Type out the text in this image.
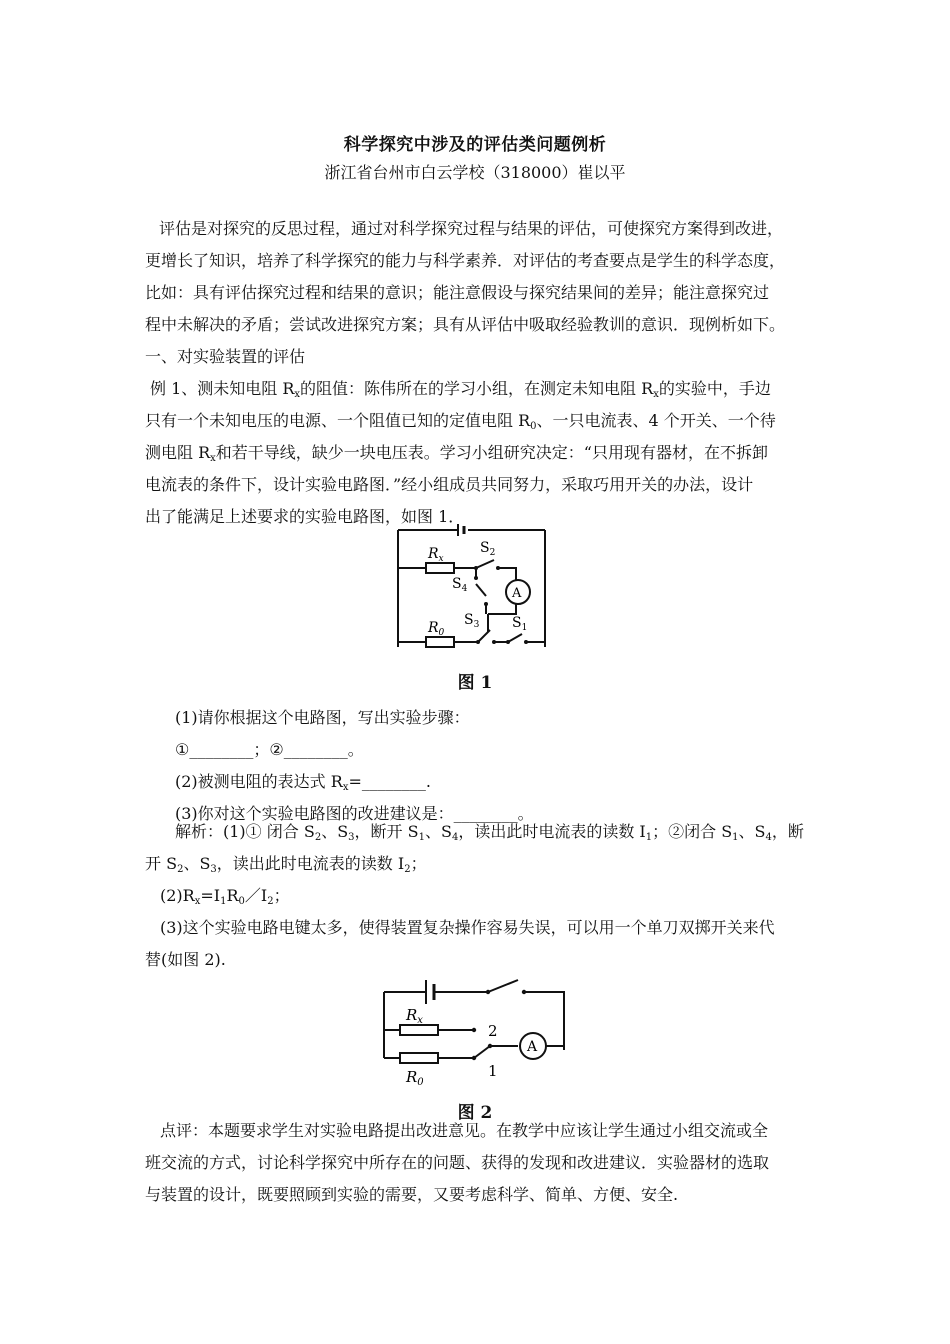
科学探究中涉及的评估类问题例析
浙江省台州市白云学校（318000）崔以平
评估是对探究的反思过程，通过对科学探究过程与结果的评估，可使探究方案得到改进，
更增长了知识，培养了科学探究的能力与科学素养．对评估的考查要点是学生的科学态度，
比如：具有评估探究过程和结果的意识；能注意假设与探究结果间的差异；能注意探究过
程中未解决的矛盾；尝试改进探究方案；具有从评估中吸取经验教训的意识．现例析如下。
一、对实验装置的评估
例 1、测未知电阻 $R_x$的阻值：陈伟所在的学习小组，在测定未知电阻 $R_x$的实验中，手边
只有一个未知电压的电源、一个阻值已知的定值电阻 $R_0$、一只电流表、4 个开关、一个待
测电阻 $R_x$和若干导线，缺少一块电压表。学习小组研究决定：“只用现有器材，在不拆卸
电流表的条件下，设计实验电路图．”经小组成员共同努力，采取巧用开关的办法，设计
出了能满足上述要求的实验电路图，如图 1．
$R_x$
$S_2$
$S_4$	A
$R_0$
$S_3$ $S_1$
图 1
(1)请你根据这个电路图，写出实验步骤：
①________；②________。
(2)被测电阻的表达式 $R_x=\_\_\_\_\_\_\_\_$.
(3)你对这个实验电路图的改进建议是：________。
解析：(1)① 闭合 $S_2$、$S_3$，断开 $S_1$、$S_4$，读出此时电流表的读数 $I_1$；②闭合 $S_1$、$S_4$，断
开 $S_2$、$S_3$，读出此时电流表的读数 $I_2$；
$(2)R_x=I_1R_0/I_2$；
(3)这个实验电路电键太多，使得装置复杂操作容易失误，可以用一个单刀双掷开关来代
替(如图 2).
$R_x$
$R_0$
2
1
A
图 2
点评：本题要求学生对实验电路提出改进意见。在教学中应该让学生通过小组交流或全
班交流的方式，讨论科学探究中所存在的问题、获得的发现和改进建议．实验器材的选取
与装置的设计，既要照顾到实验的需要，又要考虑科学、简单、方便、安全.
